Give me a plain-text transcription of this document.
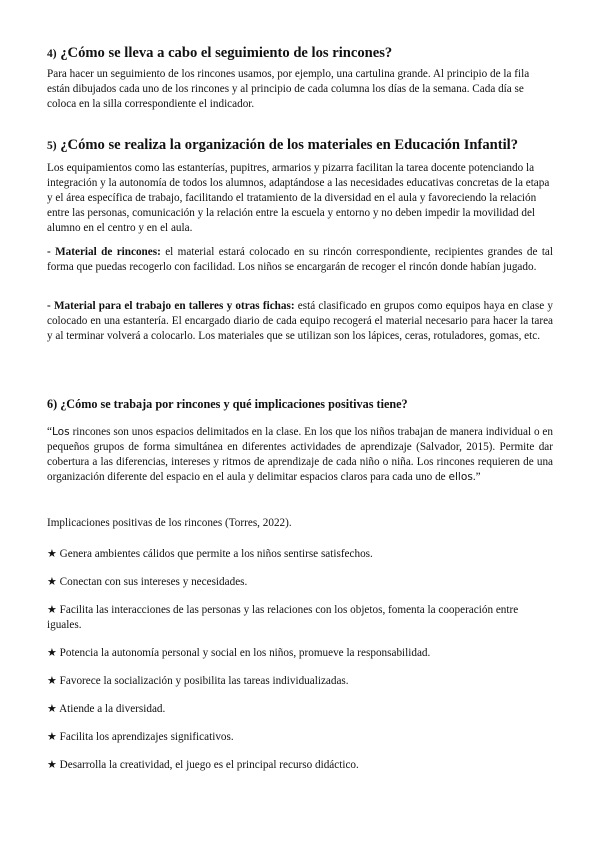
4) ¿Cómo se lleva a cabo el seguimiento de los rincones?

Para hacer un seguimiento de los rincones usamos, por ejemplo, una cartulina grande. Al principio de la fila están dibujados cada uno de los rincones y al principio de cada columna los días de la semana. Cada día se coloca en la silla correspondiente el indicador.

5) ¿Cómo se realiza la organización de los materiales en Educación Infantil?

Los equipamientos como las estanterías, pupitres, armarios y pizarra facilitan la tarea docente potenciando la integración y la autonomía de todos los alumnos, adaptándose a las necesidades educativas concretas de la etapa y el área específica de trabajo, facilitando el tratamiento de la diversidad en el aula y favoreciendo la relación entre las personas, comunicación y la relación entre la escuela y entorno y no deben impedir la movilidad del alumno en el centro y en el aula.

- Material de rincones: el material estará colocado en su rincón correspondiente, recipientes grandes de tal forma que puedas recogerlo con facilidad. Los niños se encargarán de recoger el rincón donde habían jugado.

- Material para el trabajo en talleres y otras fichas: está clasificado en grupos como equipos haya en clase y colocado en una estantería. El encargado diario de cada equipo recogerá el material necesario para hacer la tarea y al terminar volverá a colocarlo. Los materiales que se utilizan son los lápices, ceras, rotuladores, gomas, etc.

6) ¿Cómo se trabaja por rincones y qué implicaciones positivas tiene?

“Los rincones son unos espacios delimitados en la clase. En los que los niños trabajan de manera individual o en pequeños grupos de forma simultánea en diferentes actividades de aprendizaje (Salvador, 2015). Permite dar cobertura a las diferencias, intereses y ritmos de aprendizaje de cada niño o niña. Los rincones requieren de una organización diferente del espacio en el aula y delimitar espacios claros para cada uno de ellos.”

Implicaciones positivas de los rincones (Torres, 2022).

★ Genera ambientes cálidos que permite a los niños sentirse satisfechos.
★ Conectan con sus intereses y necesidades.
★ Facilita las interacciones de las personas y las relaciones con los objetos, fomenta la cooperación entre iguales.
★ Potencia la autonomía personal y social en los niños, promueve la responsabilidad.
★ Favorece la socialización y posibilita las tareas individualizadas.
★ Atiende a la diversidad.
★ Facilita los aprendizajes significativos.
★ Desarrolla la creatividad, el juego es el principal recurso didáctico.
